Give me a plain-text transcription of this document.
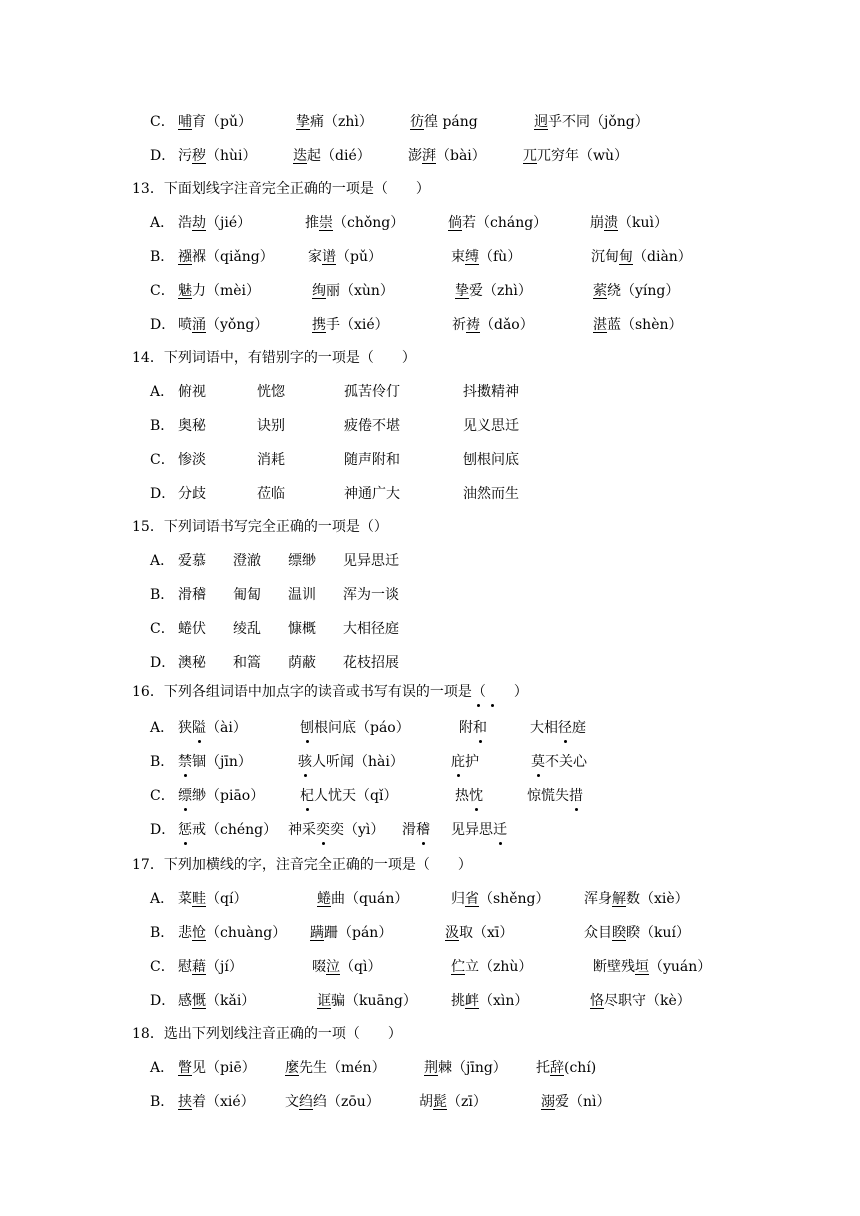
C． 哺育（pǔ）	挚痛（zhì）	彷徨 páng	迥乎不同（jǒng）
D． 污秽（hùi）	迭起（dié）	澎湃（bài）	兀兀穷年（wù）
13．下面划线字注音完全正确的一项是（　　）
A． 浩劫（jié）	推崇（chǒng）	倘若（cháng）	崩溃（kuì）
B． 襁褓（qiǎng） 家谱（pǔ）	束缚（fù）	沉甸甸（diàn）
C． 魅力（mèi）	绚丽（xùn）	挚爱（zhì）	萦绕（yíng）
D． 喷涌（yǒng）	携手（xié）	祈祷（dǎo）	湛蓝（shèn）
14．下列词语中，有错别字的一项是（　　）
A． 俯视	恍惚	孤苦伶仃	抖擞精神
B． 奥秘	诀别	疲倦不堪	见义思迁
C． 惨淡	消耗	随声附和	刨根问底
D． 分歧	莅临	神通广大	油然而生
15．下列词语书写完全正确的一项是（）
A． 爱慕 澄澈 缥缈 见异思迁
B． 滑稽 匍匐 温训 浑为一谈
C． 蜷伏 绫乱 慷概 大相径庭
D． 澳秘 和篙 荫蔽 花枝招展
16．下列各组词语中加点字的读音或书写有误的一项是（　　 ）
A． 狭隘（ài）	刨根问底（páo）	附和	大相径庭
B． 禁锢（jīn）	骇人听闻（hài）	庇护	莫不关心
C． 缥缈（piāo）	杞人忧天（qǐ）	热忱	惊慌失措
D． 惩戒（chéng） 神采奕奕（yì） 滑稽 见异思迁
17．下列加横线的字，注音完全正确的一项是（　　）
A． 菜畦（qí）	蜷曲（quán）	归省（shěng） 浑身解数（xiè）
B． 悲怆（chuàng） 蹒跚（pán）	汲取（xī）	众目睽睽（kuí）
C． 慰藉（jí）	啜泣（qì）	伫立（zhù）	断壁残垣（yuán）
D． 感慨（kǎi）	诓骗（kuāng） 挑衅（xìn）	恪尽职守（kè）
18．选出下列划线注音正确的一项（　　）
A． 瞥见（piē） 麼先生（mén）	荆棘（jīng） 托辞(chí)
B． 挟着（xié） 文绉绉（zōu）	胡髭（zī）	溺爱（nì）
